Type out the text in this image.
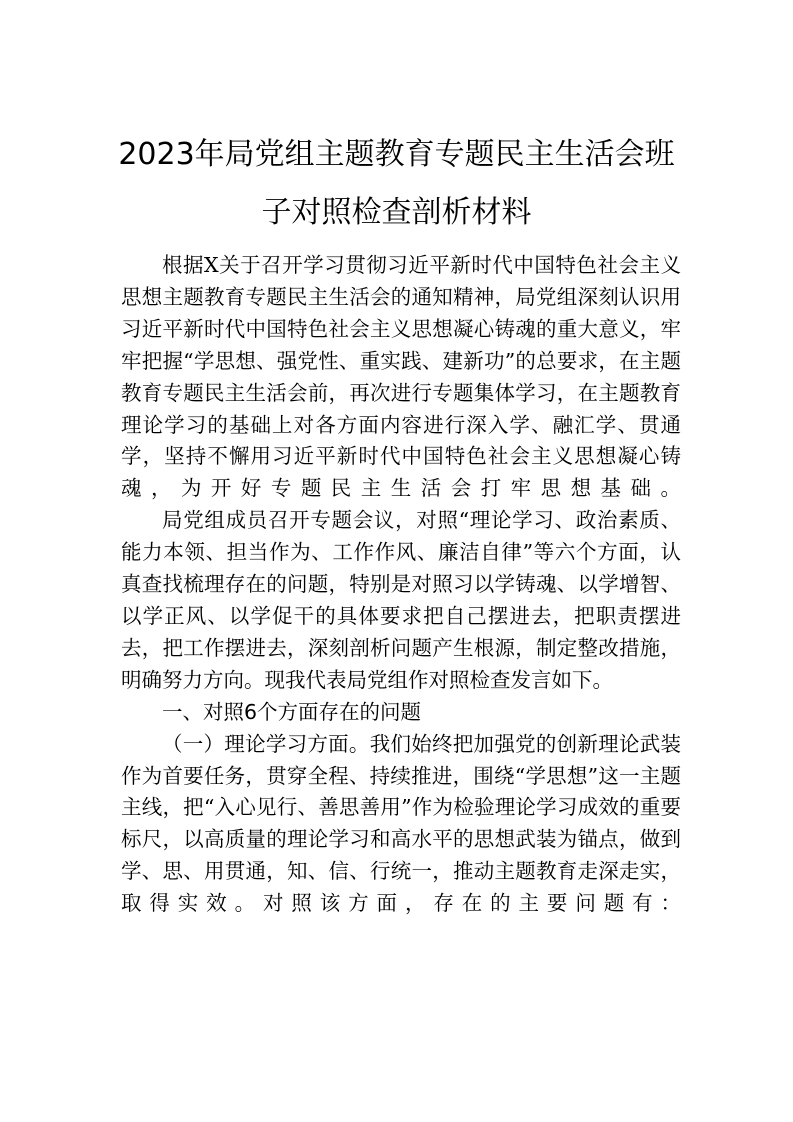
2023年局党组主题教育专题民主生活会班
子对照检查剖析材料

根据X关于召开学习贯彻习近平新时代中国特色社会主义思想主题教育专题民主生活会的通知精神，局党组深刻认识用习近平新时代中国特色社会主义思想凝心铸魂的重大意义，牢牢把握“学思想、强党性、重实践、建新功”的总要求，在主题教育专题民主生活会前，再次进行专题集体学习，在主题教育理论学习的基础上对各方面内容进行深入学、融汇学、贯通学，坚持不懈用习近平新时代中国特色社会主义思想凝心铸魂，为开好专题民主生活会打牢思想基础。

局党组成员召开专题会议，对照“理论学习、政治素质、能力本领、担当作为、工作作风、廉洁自律”等六个方面，认真查找梳理存在的问题，特别是对照习以学铸魂、以学增智、以学正风、以学促干的具体要求把自己摆进去，把职责摆进去，把工作摆进去，深刻剖析问题产生根源，制定整改措施，明确努力方向。现我代表局党组作对照检查发言如下。

一、对照6个方面存在的问题

（一）理论学习方面。我们始终把加强党的创新理论武装作为首要任务，贯穿全程、持续推进，围绕“学思想”这一主题主线，把“入心见行、善思善用”作为检验理论学习成效的重要标尺，以高质量的理论学习和高水平的思想武装为锚点，做到学、思、用贯通，知、信、行统一，推动主题教育走深走实，取得实效。对照该方面，存在的主要问题有：
